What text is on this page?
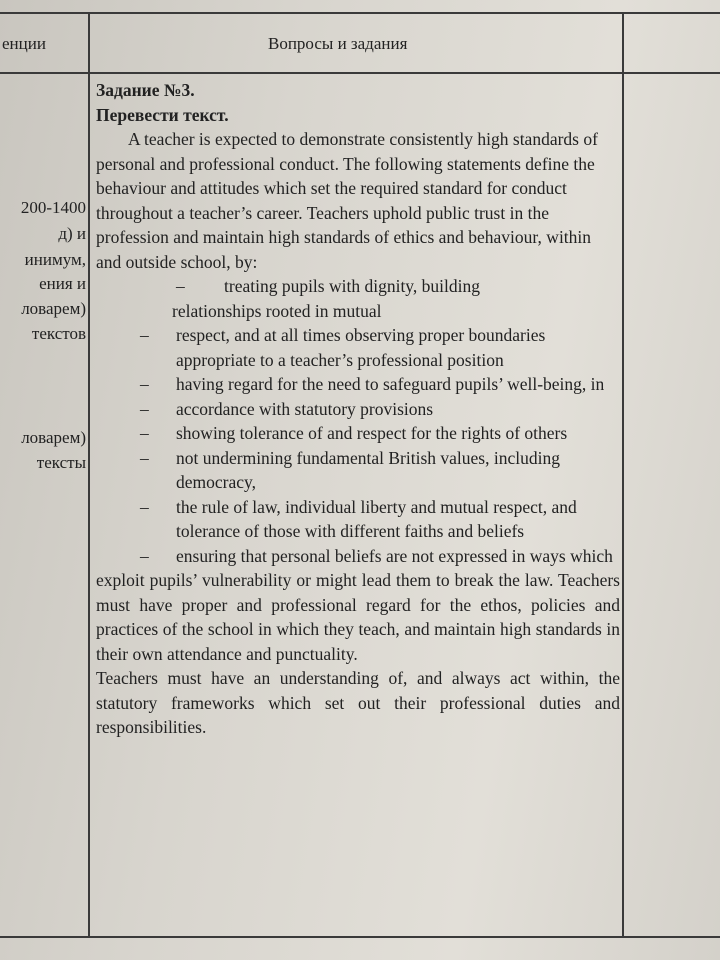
енции	Вопросы и задания
200-1400
д) и
инимум,
ения и
ловарем)
текстов
ловарем)
тексты

Задание №3.

Перевести текст.

A teacher is expected to demonstrate consistently high standards of personal and professional conduct. The following statements define the behaviour and attitudes which set the required standard for conduct throughout a teacher’s career. Teachers uphold public trust in the profession and maintain high standards of ethics and behaviour, within and outside school, by:

– treating pupils with dignity, building
relationships rooted in mutual
– respect, and at all times observing proper boundaries appropriate to a teacher’s professional position
– having regard for the need to safeguard pupils’ well-being, in
– accordance with statutory provisions
– showing tolerance of and respect for the rights of others
– not undermining fundamental British values, including democracy,
– the rule of law, individual liberty and mutual respect, and tolerance of those with different faiths and beliefs
– ensuring that personal beliefs are not expressed in ways which

exploit pupils’ vulnerability or might lead them to break the law. Teachers must have proper and professional regard for the ethos, policies and practices of the school in which they teach, and maintain high standards in their own attendance and punctuality.

Teachers must have an understanding of, and always act within, the statutory frameworks which set out their professional duties and responsibilities.
